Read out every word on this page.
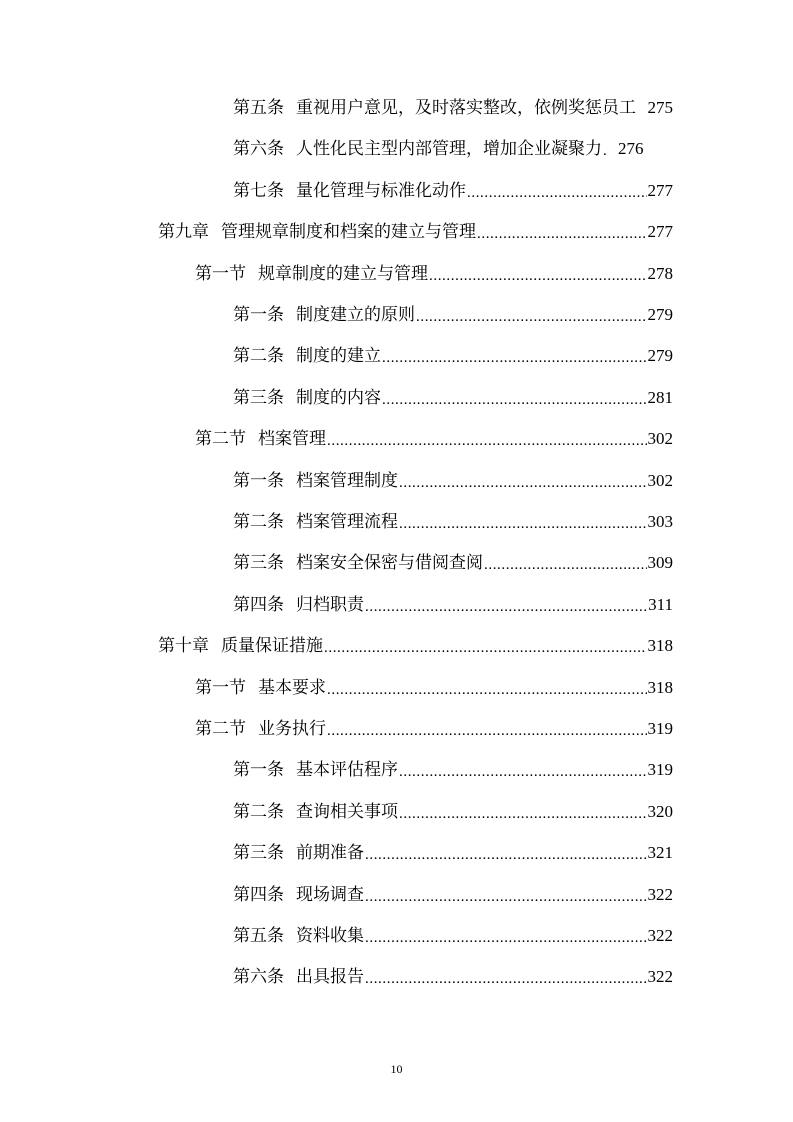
第五条 重视用户意见，及时落实整改，依例奖惩员工 275
第六条 人性化民主型内部管理，增加企业凝聚力 . 276
第七条 量化管理与标准化动作 .....	277
第九章 管理规章制度和档案的建立与管理 .....	277
第一节 规章制度的建立与管理 .....	278
第一条 制度建立的原则 .....	279
第二条 制度的建立 .....	279
第三条 制度的内容 .....	281
第二节 档案管理 .....	302
第一条 档案管理制度 .....	302
第二条 档案管理流程 .....	303
第三条 档案安全保密与借阅查阅 .....	309
第四条 归档职责 .....	311
第十章 质量保证措施 .....	318
第一节 基本要求 .....	318
第二节 业务执行 .....	319
第一条 基本评估程序 .....	319
第二条 查询相关事项 .....	320
第三条 前期准备 .....	321
第四条 现场调查 .....	322
第五条 资料收集 .....	322
第六条 出具报告 .....	322
10
